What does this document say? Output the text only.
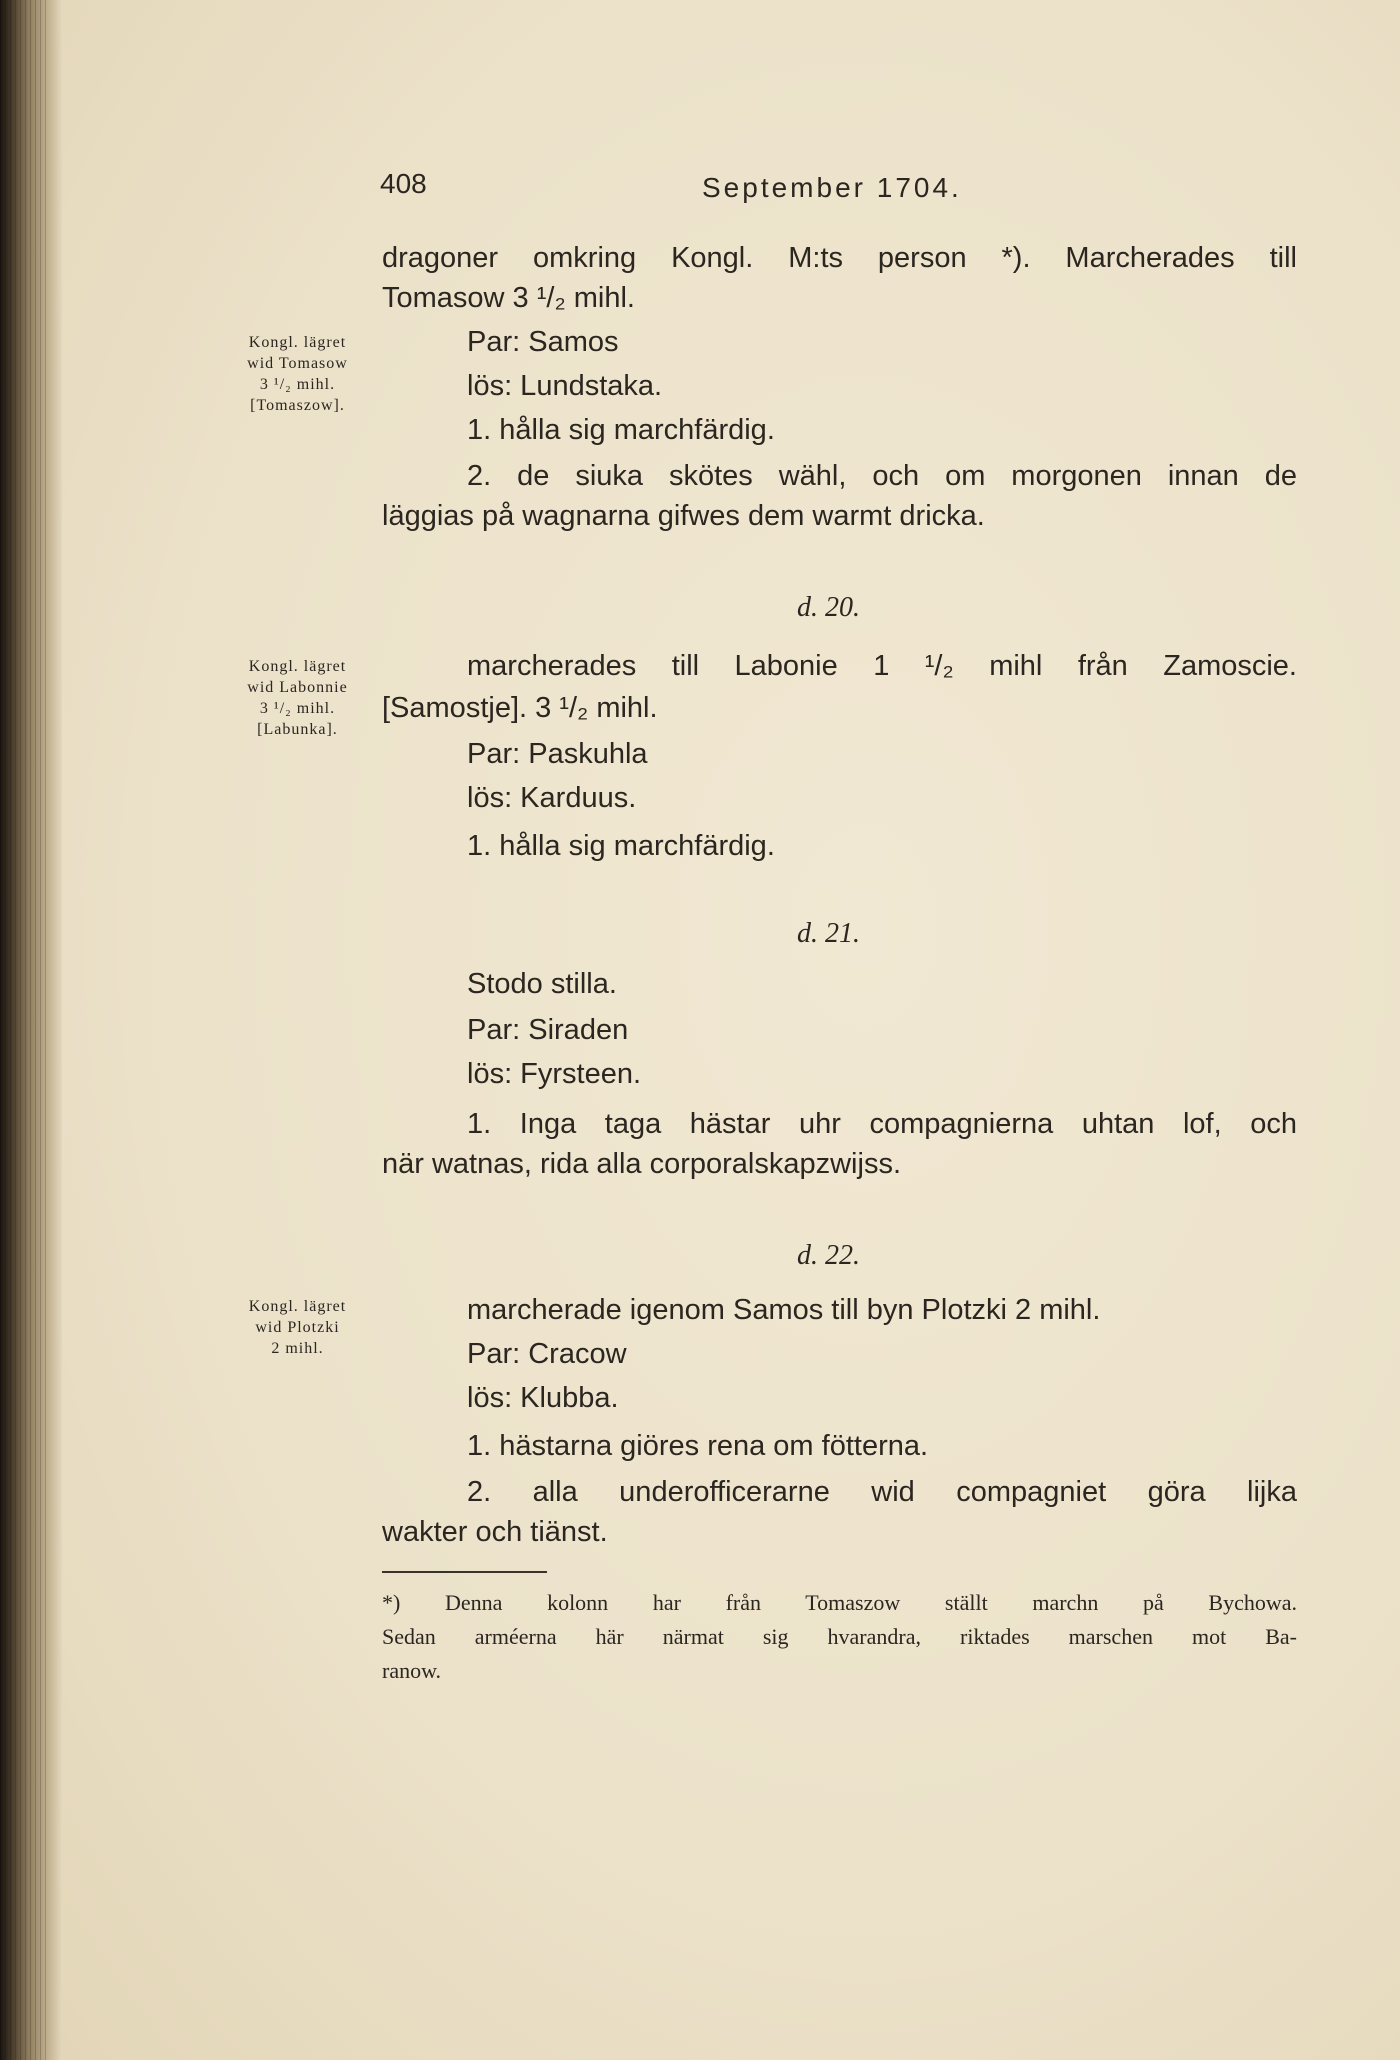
408	September 1704.
Kongl. lägret
wid Tomasow
3 ¹/₂ mihl.
[Tomaszow].
Kongl. lägret
wid Labonnie
3 ¹/₂ mihl.
[Labunka].
Kongl. lägret
wid Plotzki
2 mihl.
dragoner omkring Kongl. M:ts person *). Marcherades till
Tomasow 3 ¹/₂ mihl.
Par: Samos
lös: Lundstaka.
1. hålla sig marchfärdig.
2. de siuka skötes wähl, och om morgonen innan de
läggias på wagnarna gifwes dem warmt dricka.
d. 20.
marcherades till Labonie 1 ¹/₂ mihl från Zamoscie.
[Samostje]. 3 ¹/₂ mihl.
Par: Paskuhla
lös: Karduus.
1. hålla sig marchfärdig.
d. 21.
Stodo stilla.
Par: Siraden
lös: Fyrsteen.
1. Inga taga hästar uhr compagnierna uhtan lof, och
när watnas, rida alla corporalskapzwijss.
d. 22.
marcherade igenom Samos till byn Plotzki 2 mihl.
Par: Cracow
lös: Klubba.
1. hästarna giöres rena om fötterna.
2. alla underofficerarne wid compagniet göra lijka
wakter och tiänst.
*) Denna kolonn har från Tomaszow ställt marchn på Bychowa.
Sedan arméerna här närmat sig hvarandra, riktades marschen mot Ba-
ranow.
